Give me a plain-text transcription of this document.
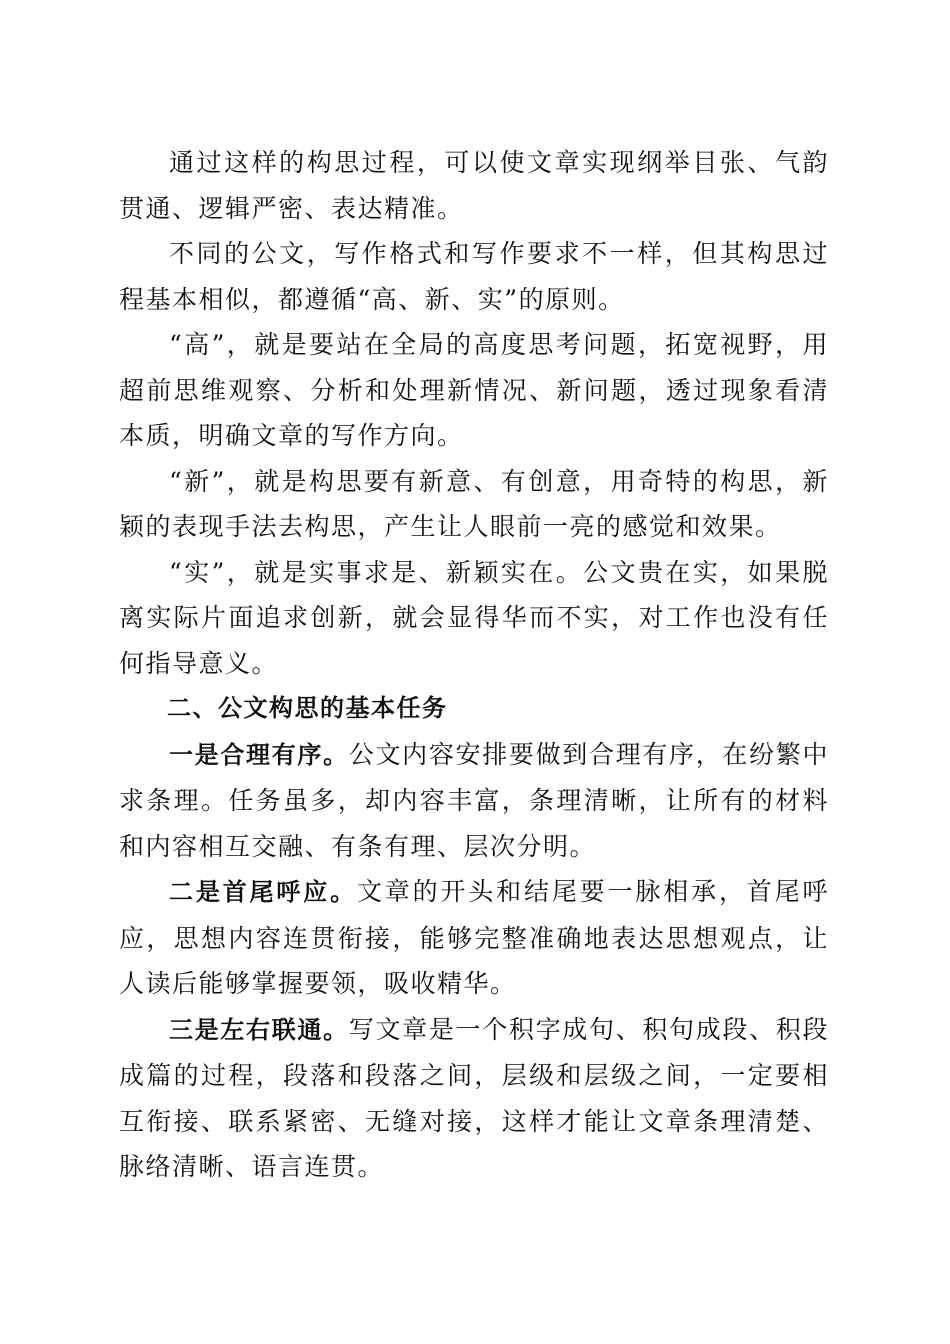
通过这样的构思过程，可以使文章实现纲举目张、气韵贯通、逻辑严密、表达精准。

不同的公文，写作格式和写作要求不一样，但其构思过程基本相似，都遵循“高、新、实”的原则。

“高”，就是要站在全局的高度思考问题，拓宽视野，用超前思维观察、分析和处理新情况、新问题，透过现象看清本质，明确文章的写作方向。

“新”，就是构思要有新意、有创意，用奇特的构思，新颖的表现手法去构思，产生让人眼前一亮的感觉和效果。

“实”，就是实事求是、新颖实在。公文贵在实，如果脱离实际片面追求创新，就会显得华而不实，对工作也没有任何指导意义。

二、公文构思的基本任务

一是合理有序。公文内容安排要做到合理有序，在纷繁中求条理。任务虽多，却内容丰富，条理清晰，让所有的材料和内容相互交融、有条有理、层次分明。

二是首尾呼应。文章的开头和结尾要一脉相承，首尾呼应，思想内容连贯衔接，能够完整准确地表达思想观点，让人读后能够掌握要领，吸收精华。

三是左右联通。写文章是一个积字成句、积句成段、积段成篇的过程，段落和段落之间，层级和层级之间，一定要相互衔接、联系紧密、无缝对接，这样才能让文章条理清楚、脉络清晰、语言连贯。
